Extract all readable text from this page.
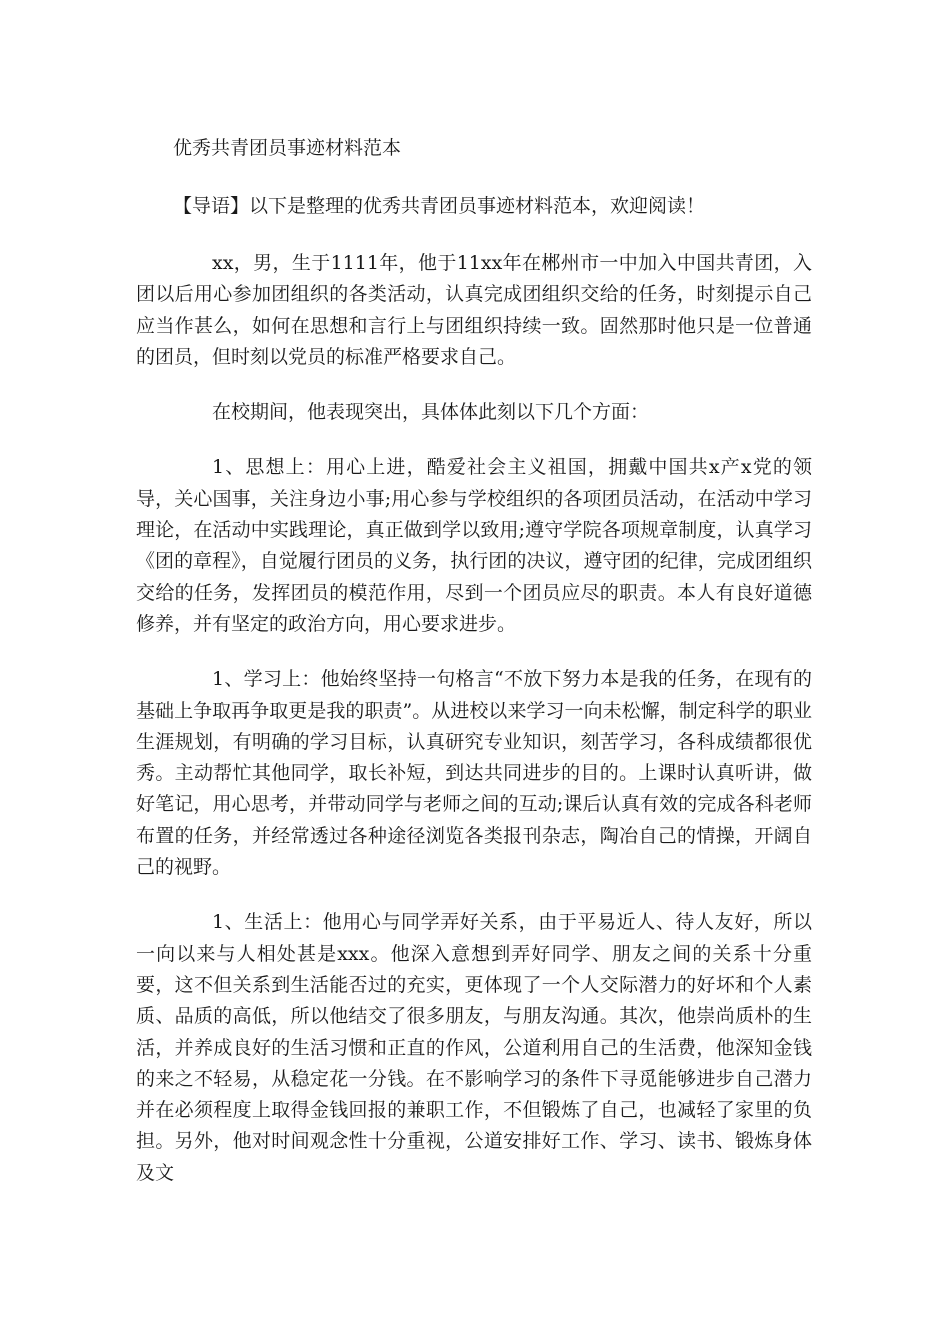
优秀共青团员事迹材料范本

【导语】以下是整理的优秀共青团员事迹材料范本，欢迎阅读！

xx，男，生于1111年，他于11xx年在郴州市一中加入中国共青团，入团以后用心参加团组织的各类活动，认真完成团组织交给的任务，时刻提示自己应当作甚么，如何在思想和言行上与团组织持续一致。固然那时他只是一位普通的团员，但时刻以党员的标准严格要求自己。

在校期间，他表现突出，具体体此刻以下几个方面：

1、思想上：用心上进，酷爱社会主义祖国，拥戴中国共x产x党的领导，关心国事，关注身边小事;用心参与学校组织的各项团员活动，在活动中学习理论，在活动中实践理论，真正做到学以致用;遵守学院各项规章制度，认真学习《团的章程》，自觉履行团员的义务，执行团的决议，遵守团的纪律，完成团组织交给的任务，发挥团员的模范作用，尽到一个团员应尽的职责。本人有良好道德修养，并有坚定的政治方向，用心要求进步。

1、学习上：他始终坚持一句格言“不放下努力本是我的任务，在现有的基础上争取再争取更是我的职责”。从进校以来学习一向未松懈，制定科学的职业生涯规划，有明确的学习目标，认真研究专业知识，刻苦学习，各科成绩都很优秀。主动帮忙其他同学，取长补短，到达共同进步的目的。上课时认真听讲，做好笔记，用心思考，并带动同学与老师之间的互动;课后认真有效的完成各科老师布置的任务，并经常透过各种途径浏览各类报刊杂志，陶冶自己的情操，开阔自己的视野。

1、生活上：他用心与同学弄好关系，由于平易近人、待人友好，所以一向以来与人相处甚是xxx。他深入意想到弄好同学、朋友之间的关系十分重要，这不但关系到生活能否过的充实，更体现了一个人交际潜力的好坏和个人素质、品质的高低，所以他结交了很多朋友，与朋友沟通。其次，他崇尚质朴的生活，并养成良好的生活习惯和正直的作风，公道利用自己的生活费，他深知金钱的来之不轻易，从稳定花一分钱。在不影响学习的条件下寻觅能够进步自己潜力并在必须程度上取得金钱回报的兼职工作，不但锻炼了自己，也减轻了家里的负担。另外，他对时间观念性十分重视，公道安排好工作、学习、读书、锻炼身体及文
